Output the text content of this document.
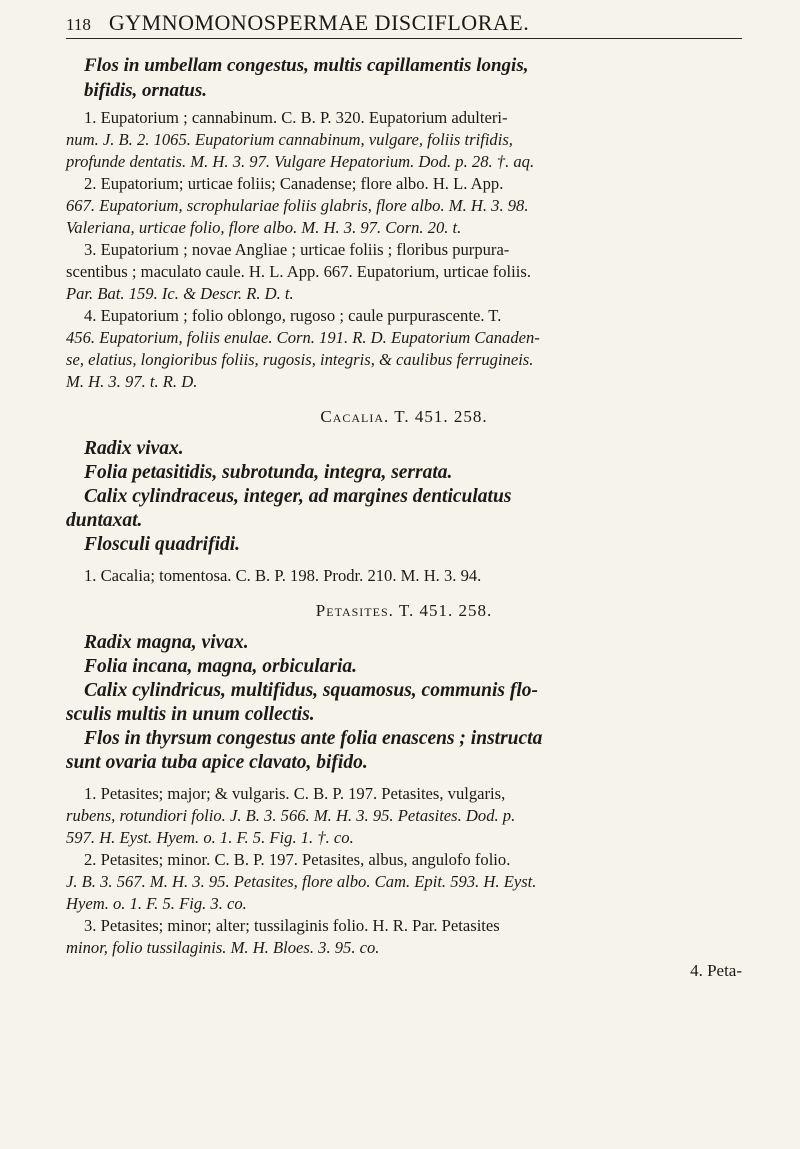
118 GYMNOMONOSPERMAE DISCIFLORAE.
Flos in umbellam congestus, multis capillamentis longis,
bifidis, ornatus.

1. Eupatorium ; cannabinum. C. B. P. 320. Eupatorium adulteri-
num. J. B. 2. 1065. Eupatorium cannabinum, vulgare, foliis trifidis,
profunde dentatis. M. H. 3. 97. Vulgare Hepatorium. Dod. p. 28. †. aq.

2. Eupatorium; urticae foliis; Canadense; flore albo. H. L. App.
667. Eupatorium, scrophulariae foliis glabris, flore albo. M. H. 3. 98.
Valeriana, urticae folio, flore albo. M. H. 3. 97. Corn. 20. t.

3. Eupatorium ; novae Angliae ; urticae foliis ; floribus purpura-
scentibus ; maculato caule. H. L. App. 667. Eupatorium, urticae foliis.
Par. Bat. 159. Ic. & Descr. R. D. t.

4. Eupatorium ; folio oblongo, rugoso ; caule purpurascente. T.
456. Eupatorium, foliis enulae. Corn. 191. R. D. Eupatorium Canaden-
se, elatius, longioribus foliis, rugosis, integris, & caulibus ferrugineis.
M. H. 3. 97. t. R. D.

Cacalia. T. 451. 258.
Radix vivax.
Folia petasitidis, subrotunda, integra, serrata.
Calix cylindraceus, integer, ad margines denticulatus
duntaxat.
Flosculi quadrifidi.

1. Cacalia; tomentosa. C. B. P. 198. Prodr. 210. M. H. 3. 94.

Petasites. T. 451. 258.
Radix magna, vivax.
Folia incana, magna, orbicularia.
Calix cylindricus, multifidus, squamosus, communis flo-
sculis multis in unum collectis.
Flos in thyrsum congestus ante folia enascens ; instructa
sunt ovaria tuba apice clavato, bifido.

1. Petasites; major; & vulgaris. C. B. P. 197. Petasites, vulgaris,
rubens, rotundiori folio. J. B. 3. 566. M. H. 3. 95. Petasites. Dod. p.
597. H. Eyst. Hyem. o. 1. F. 5. Fig. 1. †. co.

2. Petasites; minor. C. B. P. 197. Petasites, albus, angulofo folio.
J. B. 3. 567. M. H. 3. 95. Petasites, flore albo. Cam. Epit. 593. H. Eyst.
Hyem. o. 1. F. 5. Fig. 3. co.

3. Petasites; minor; alter; tussilaginis folio. H. R. Par. Petasites
minor, folio tussilaginis. M. H. Bloes. 3. 95. co.

4. Peta-
